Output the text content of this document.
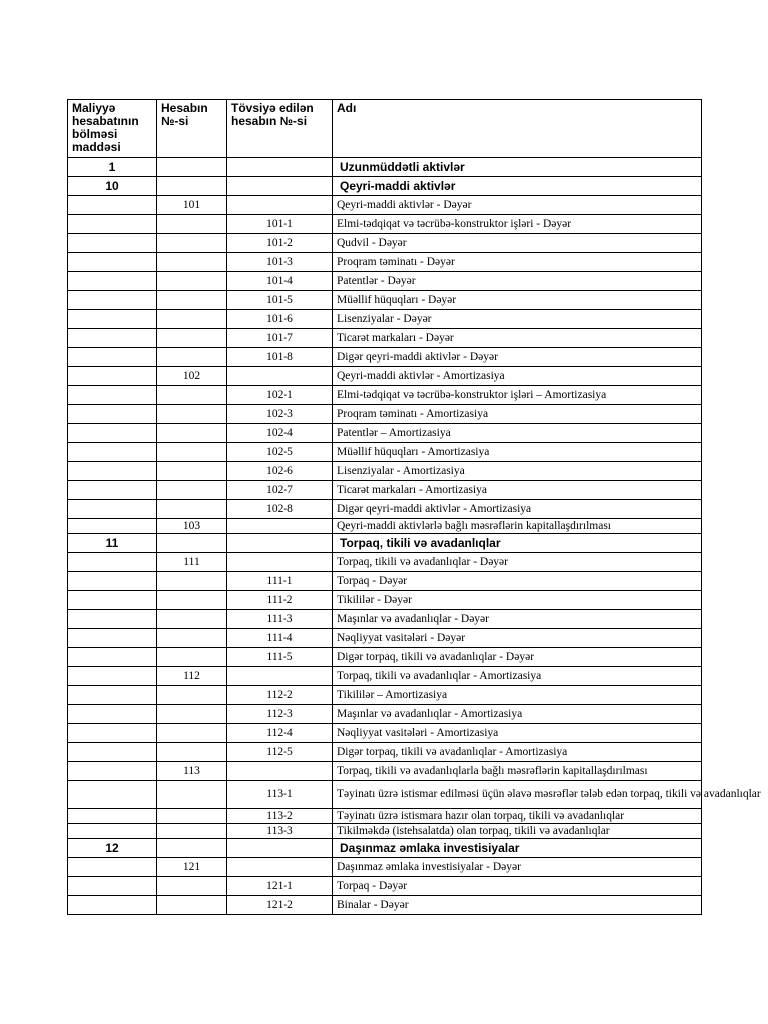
Maliyyə hesabatının bölməsi maddəsi	Hesabın №-si	Tövsiyə edilən hesabın №-si	Adı
1			Uzunmüddətli aktivlər
10			Qeyri-maddi aktivlər
	101		Qeyri-maddi aktivlər - Dəyər
		101-1	Elmi-tədqiqat və təcrübə-konstruktor işləri - Dəyər
		101-2	Qudvil - Dəyər
		101-3	Proqram təminatı - Dəyər
		101-4	Patentlər - Dəyər
		101-5	Müəllif hüquqları - Dəyər
		101-6	Lisenziyalar - Dəyər
		101-7	Ticarət markaları - Dəyər
		101-8	Digər qeyri-maddi aktivlər - Dəyər
	102		Qeyri-maddi aktivlər - Amortizasiya
		102-1	Elmi-tədqiqat və təcrübə-konstruktor işləri – Amortizasiya
		102-3	Proqram təminatı - Amortizasiya
		102-4	Patentlər – Amortizasiya
		102-5	Müəllif hüquqları - Amortizasiya
		102-6	Lisenziyalar - Amortizasiya
		102-7	Ticarət markaları - Amortizasiya
		102-8	Digər qeyri-maddi aktivlər - Amortizasiya
	103		Qeyri-maddi aktivlərlə bağlı məsrəflərin kapitallaşdırılması
11			Torpaq, tikili və avadanlıqlar
	111		Torpaq, tikili və avadanlıqlar - Dəyər
		111-1	Torpaq - Dəyər
		111-2	Tikililər - Dəyər
		111-3	Maşınlar və avadanlıqlar - Dəyər
		111-4	Nəqliyyat vasitələri - Dəyər
		111-5	Digər torpaq, tikili və avadanlıqlar - Dəyər
	112		Torpaq, tikili və avadanlıqlar - Amortizasiya
		112-2	Tikililər – Amortizasiya
		112-3	Maşınlar və avadanlıqlar - Amortizasiya
		112-4	Nəqliyyat vasitələri - Amortizasiya
		112-5	Digər torpaq, tikili və avadanlıqlar - Amortizasiya
	113		Torpaq, tikili və avadanlıqlarla bağlı məsrəflərin kapitallaşdırılması
		113-1	Təyinatı üzrə istismar edilməsi üçün əlavə məsrəflər tələb edən torpaq, tikili və avadanlıqlar
		113-2	Təyinatı üzrə istismara hazır olan torpaq, tikili və avadanlıqlar
		113-3	Tikilməkdə (istehsalatda) olan torpaq, tikili və avadanlıqlar
12			Daşınmaz əmlaka investisiyalar
	121		Daşınmaz əmlaka investisiyalar - Dəyər
		121-1	Torpaq - Dəyər
		121-2	Binalar - Dəyər
